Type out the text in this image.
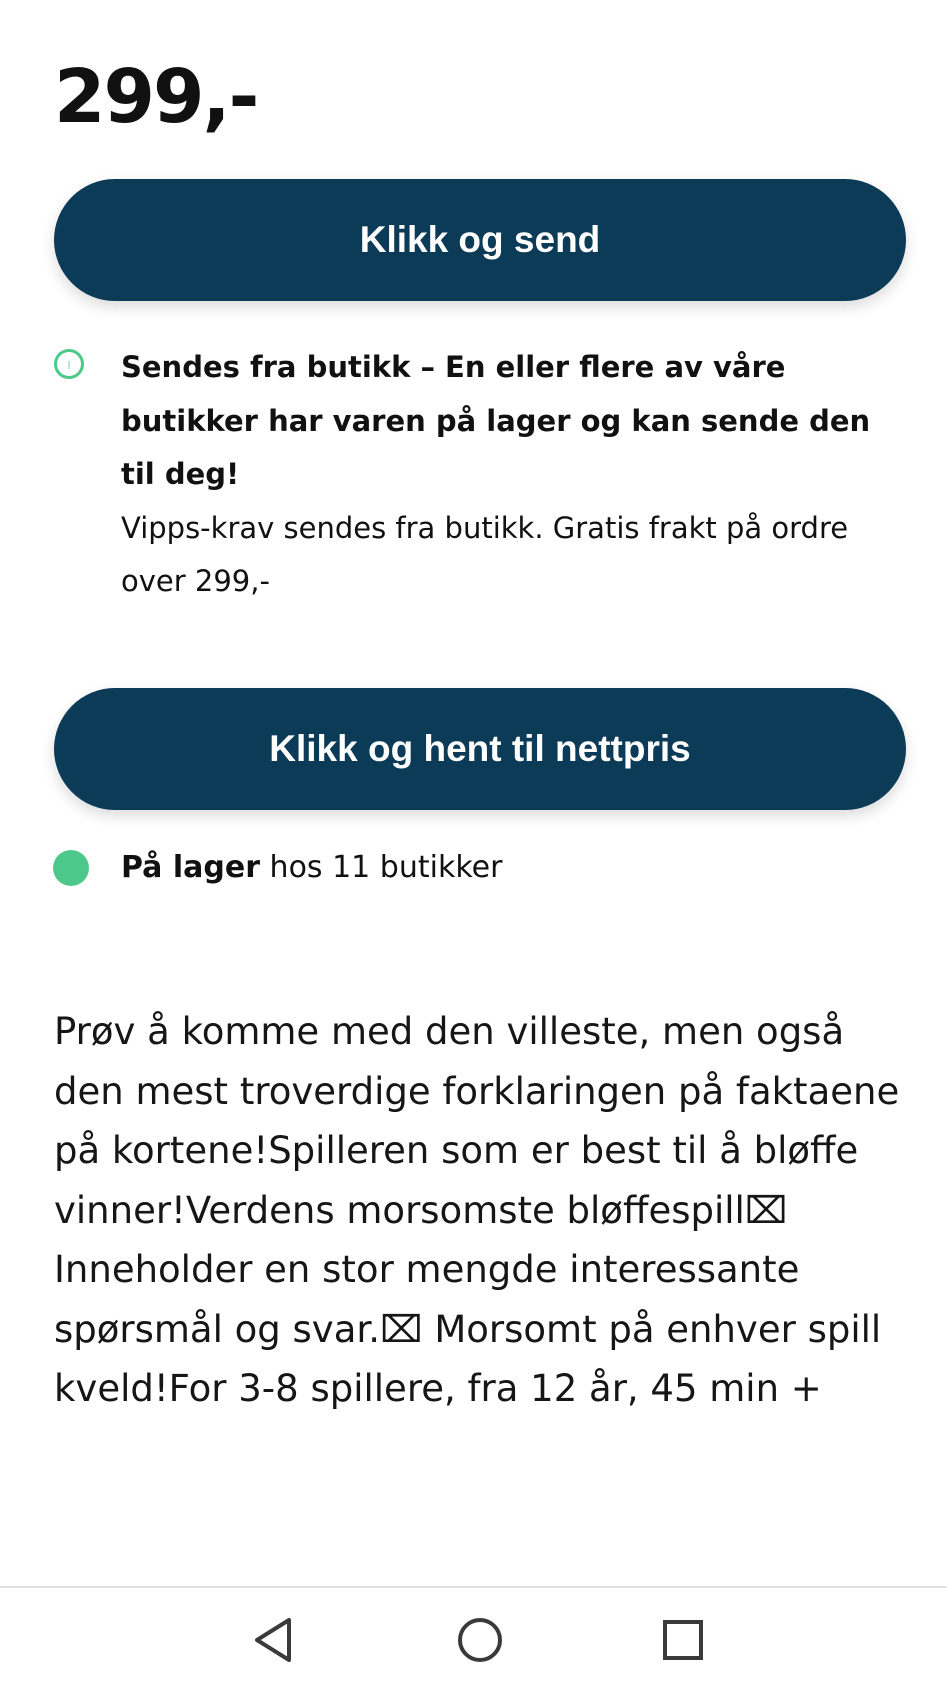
299,-
Klikk og send
Sendes fra butikk – En eller flere av våre butikker har varen på lager og kan sende den til deg!
Vipps-krav sendes fra butikk. Gratis frakt på ordre over 299,-
Klikk og hent til nettpris
På lager hos 11 butikker

Prøv å komme med den villeste, men også den mest troverdige forklaringen på faktaene på kortene!Spilleren som er best til å bløffe vinner!Verdens morsomste bløffespill⌧ Inneholder en stor mengde interessante spørsmål og svar.⌧ Morsomt på enhver spill kveld!For 3-8 spillere, fra 12 år, 45 min +
